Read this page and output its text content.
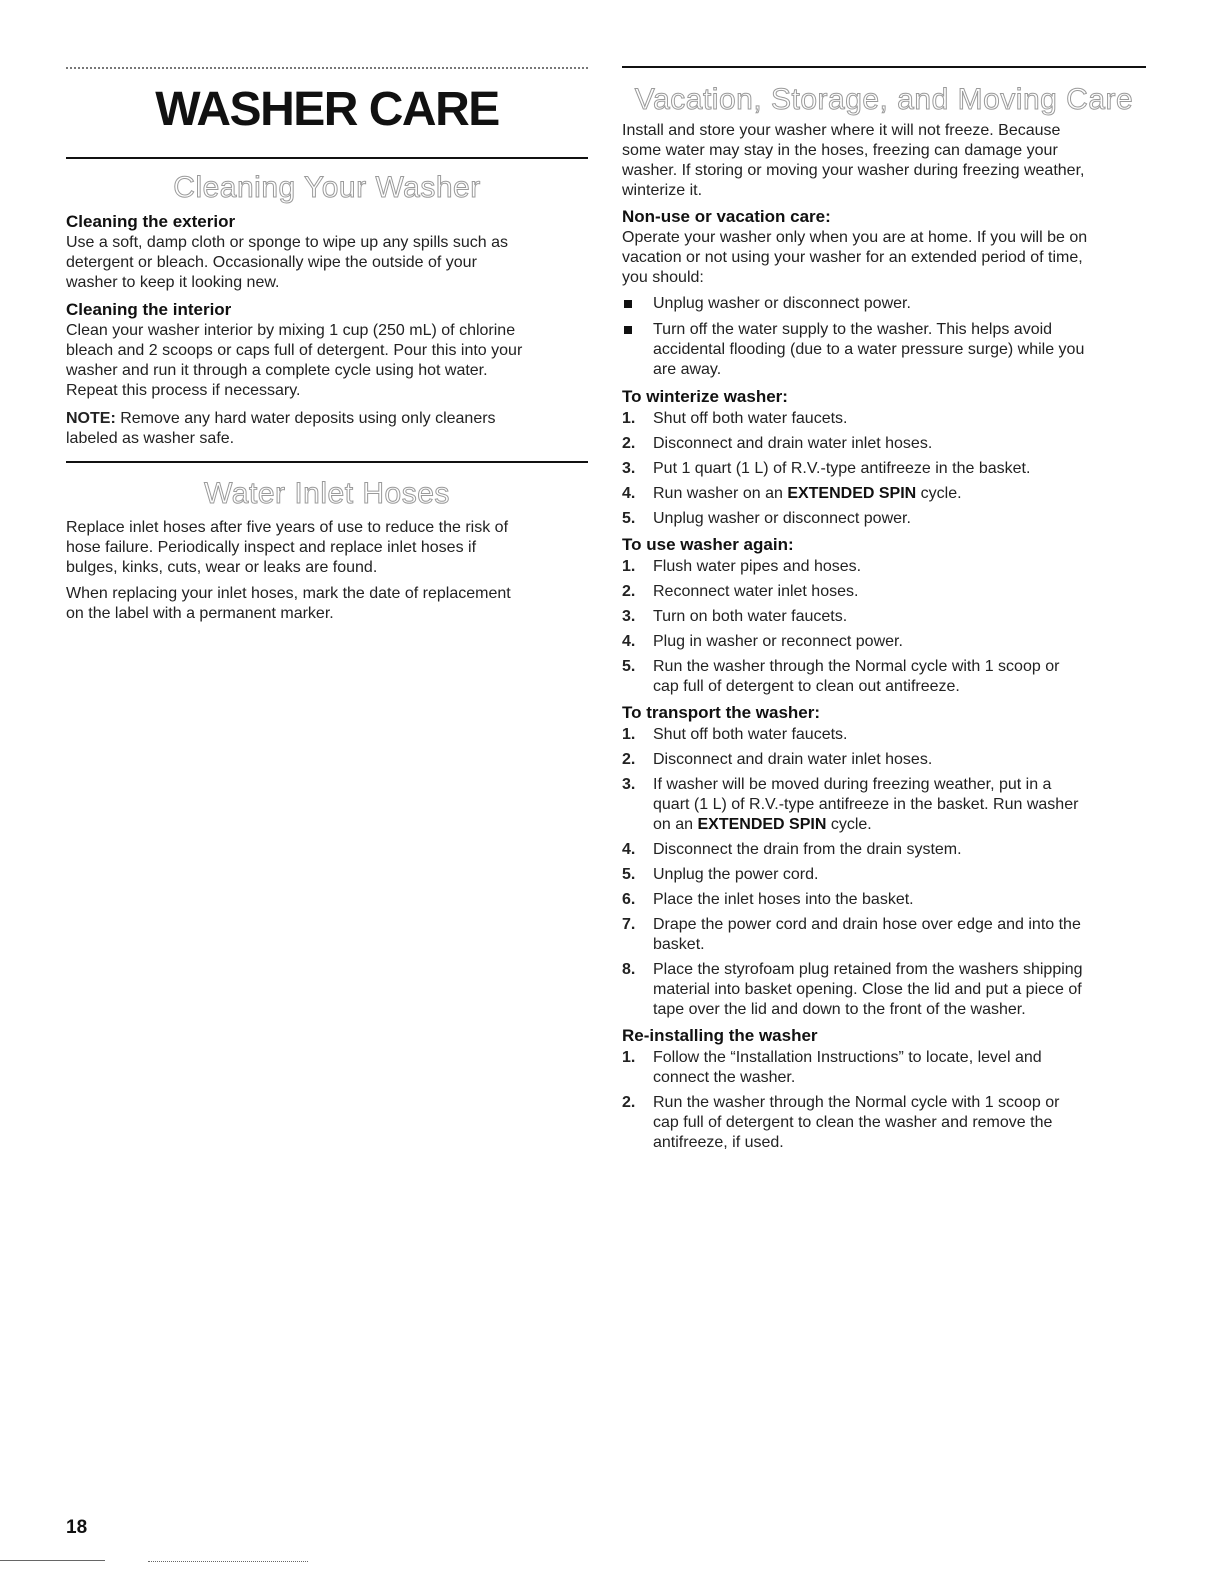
WASHER CARE
Cleaning Your Washer
Cleaning the exterior

Use a soft, damp cloth or sponge to wipe up any spills such as

detergent or bleach. Occasionally wipe the outside of your

washer to keep it looking new.

Cleaning the interior

Clean your washer interior by mixing 1 cup (250 mL) of chlorine

bleach and 2 scoops or caps full of detergent. Pour this into your

washer and run it through a complete cycle using hot water.

Repeat this process if necessary.

NOTE: Remove any hard water deposits using only cleaners

labeled as washer safe.

Water Inlet Hoses

Replace inlet hoses after five years of use to reduce the risk of

hose failure. Periodically inspect and replace inlet hoses if

bulges, kinks, cuts, wear or leaks are found.

When replacing your inlet hoses, mark the date of replacement

on the label with a permanent marker.

Vacation, Storage, and Moving Care

Install and store your washer where it will not freeze. Because

some water may stay in the hoses, freezing can damage your

washer. If storing or moving your washer during freezing weather,

winterize it.

Non-use or vacation care:

Operate your washer only when you are at home. If you will be on

vacation or not using your washer for an extended period of time,

you should:

Unplug washer or disconnect power.
Turn off the water supply to the washer. This helps avoid
accidental flooding (due to a water pressure surge) while you
are away.
To winterize washer:
1. Shut off both water faucets.
2. Disconnect and drain water inlet hoses.
3. Put 1 quart (1 L) of R.V.-type antifreeze in the basket.
4. Run washer on an EXTENDED SPIN cycle.
5. Unplug washer or disconnect power.
To use washer again:
1. Flush water pipes and hoses.
2. Reconnect water inlet hoses.
3. Turn on both water faucets.
4. Plug in washer or reconnect power.
5. Run the washer through the Normal cycle with 1 scoop or
cap full of detergent to clean out antifreeze.
To transport the washer:
1. Shut off both water faucets.
2. Disconnect and drain water inlet hoses.
3. If washer will be moved during freezing weather, put in a
quart (1 L) of R.V.-type antifreeze in the basket. Run washer
on an EXTENDED SPIN cycle.
4. Disconnect the drain from the drain system.
5. Unplug the power cord.
6. Place the inlet hoses into the basket.
7. Drape the power cord and drain hose over edge and into the
basket.
8. Place the styrofoam plug retained from the washers shipping
material into basket opening. Close the lid and put a piece of
tape over the lid and down to the front of the washer.
Re-installing the washer
1. Follow the “Installation Instructions” to locate, level and
connect the washer.
2. Run the washer through the Normal cycle with 1 scoop or
cap full of detergent to clean the washer and remove the
antifreeze, if used.

18
